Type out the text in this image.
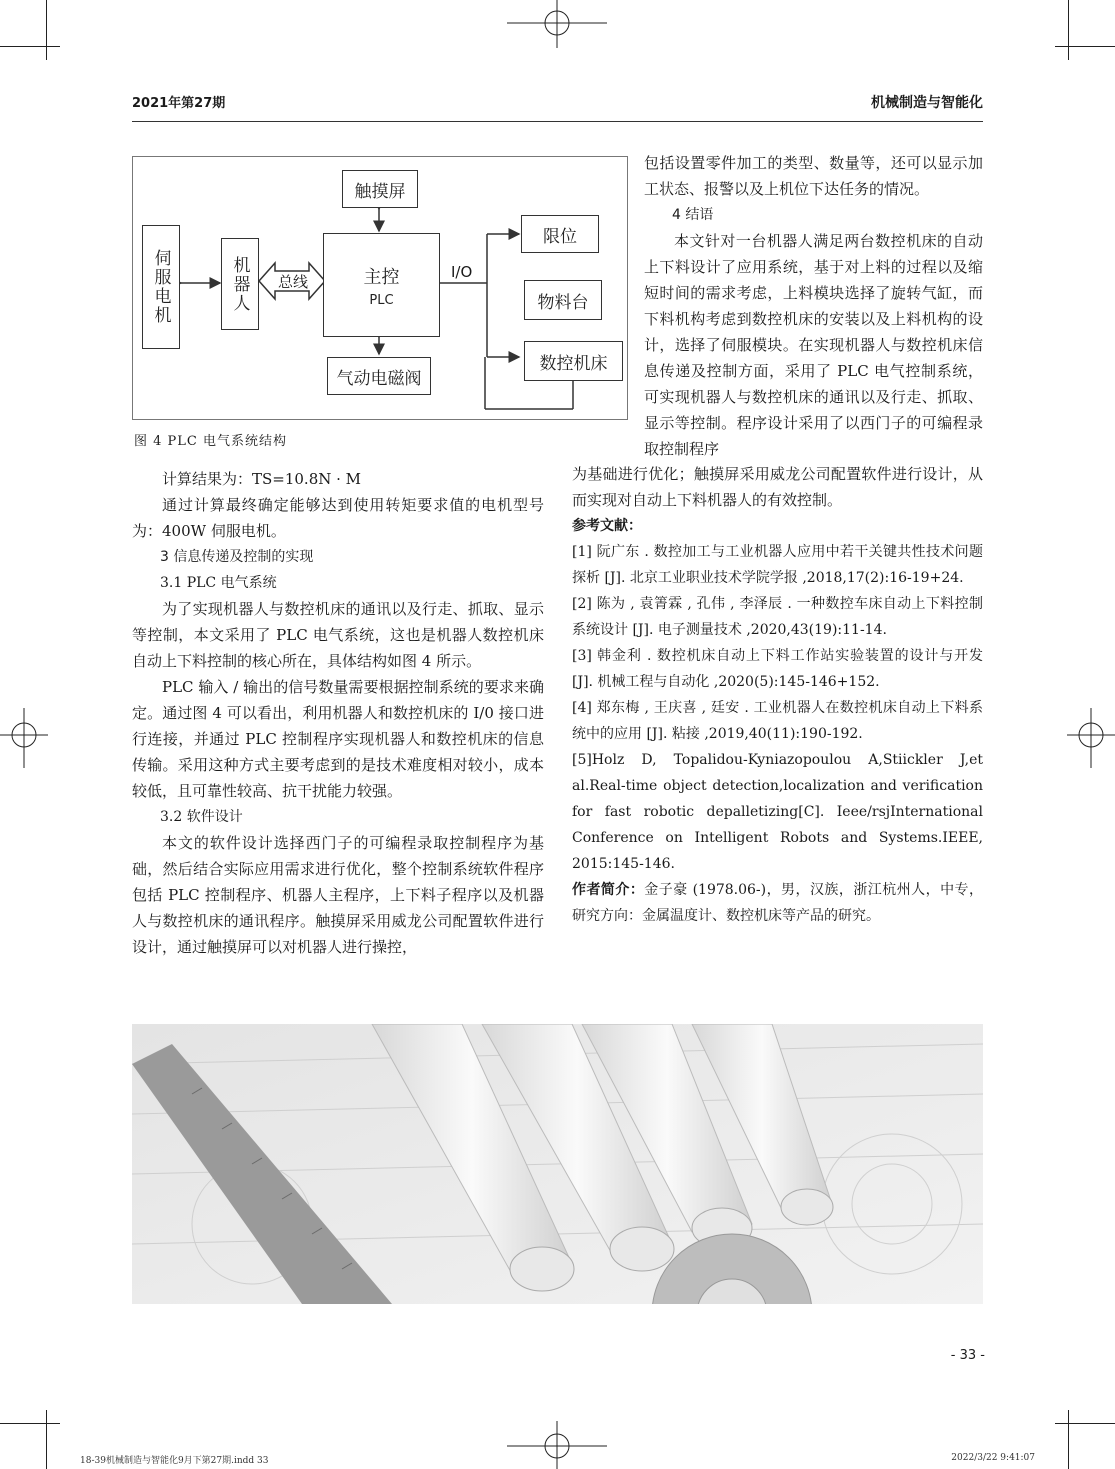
2021年第27期	机械制造与智能化
触摸屏
伺服电机	机器人	总线	主控
PLC
I/O
限位
物料台
数控机床
气动电磁阀
图 4 PLC 电气系统结构

计算结果为：TS=10.8N · M

通过计算最终确定能够达到使用转矩要求值的电机型号为：400W 伺服电机。

3 信息传递及控制的实现

3.1 PLC 电气系统

为了实现机器人与数控机床的通讯以及行走、抓取、显示等控制，本文采用了 PLC 电气系统，这也是机器人数控机床自动上下料控制的核心所在，具体结构如图 4 所示。

PLC 输入 / 输出的信号数量需要根据控制系统的要求来确定。通过图 4 可以看出，利用机器人和数控机床的 I/0 接口进行连接，并通过 PLC 控制程序实现机器人和数控机床的信息传输。采用这种方式主要考虑到的是技术难度相对较小，成本较低，且可靠性较高、抗干扰能力较强。

3.2 软件设计

本文的软件设计选择西门子的可编程录取控制程序为基础，然后结合实际应用需求进行优化，整个控制系统软件程序包括 PLC 控制程序、机器人主程序，上下料子程序以及机器人与数控机床的通讯程序。触摸屏采用威龙公司配置软件进行设计，通过触摸屏可以对机器人进行操控，

包括设置零件加工的类型、数量等，还可以显示加工状态、报警以及上机位下达任务的情况。

4 结语

本文针对一台机器人满足两台数控机床的自动上下料设计了应用系统，基于对上料的过程以及缩短时间的需求考虑，上料模块选择了旋转气缸，而下料机构考虑到数控机床的安装以及上料机构的设计，选择了伺服模块。在实现机器人与数控机床信息传递及控制方面，采用了 PLC 电气控制系统，可实现机器人与数控机床的通讯以及行走、抓取、显示等控制。程序设计采用了以西门子的可编程录取控制程序

为基础进行优化；触摸屏采用威龙公司配置软件进行设计，从而实现对自动上下料机器人的有效控制。

参考文献：

[1] 阮广东 . 数控加工与工业机器人应用中若干关键共性技术问题探析 [J]. 北京工业职业技术学院学报 ,2018,17(2):16-19+24.

[2] 陈为 , 袁箐霖 , 孔伟 , 李泽辰 . 一种数控车床自动上下料控制系统设计 [J]. 电子测量技术 ,2020,43(19):11-14.

[3] 韩金利 . 数控机床自动上下料工作站实验装置的设计与开发 [J]. 机械工程与自动化 ,2020(5):145-146+152.

[4] 郑东梅 , 王庆喜 , 廷安 . 工业机器人在数控机床自动上下料系统中的应用 [J]. 粘接 ,2019,40(11):190-192.

[5]Holz D, Topalidou-Kyniazopoulou A,Stiickler J,et al.Real-time object detection,localization and verification for fast robotic depalletizing[C]. Ieee/rsjInternational Conference on Intelligent Robots and Systems.IEEE, 2015:145-146.

作者简介：金子豪 (1978.06-)，男，汉族，浙江杭州人，中专，研究方向：金属温度计、数控机床等产品的研究。

- 33 -
18-39机械制造与智能化9月下第27期.indd 33	2022/3/22 9:41:07
